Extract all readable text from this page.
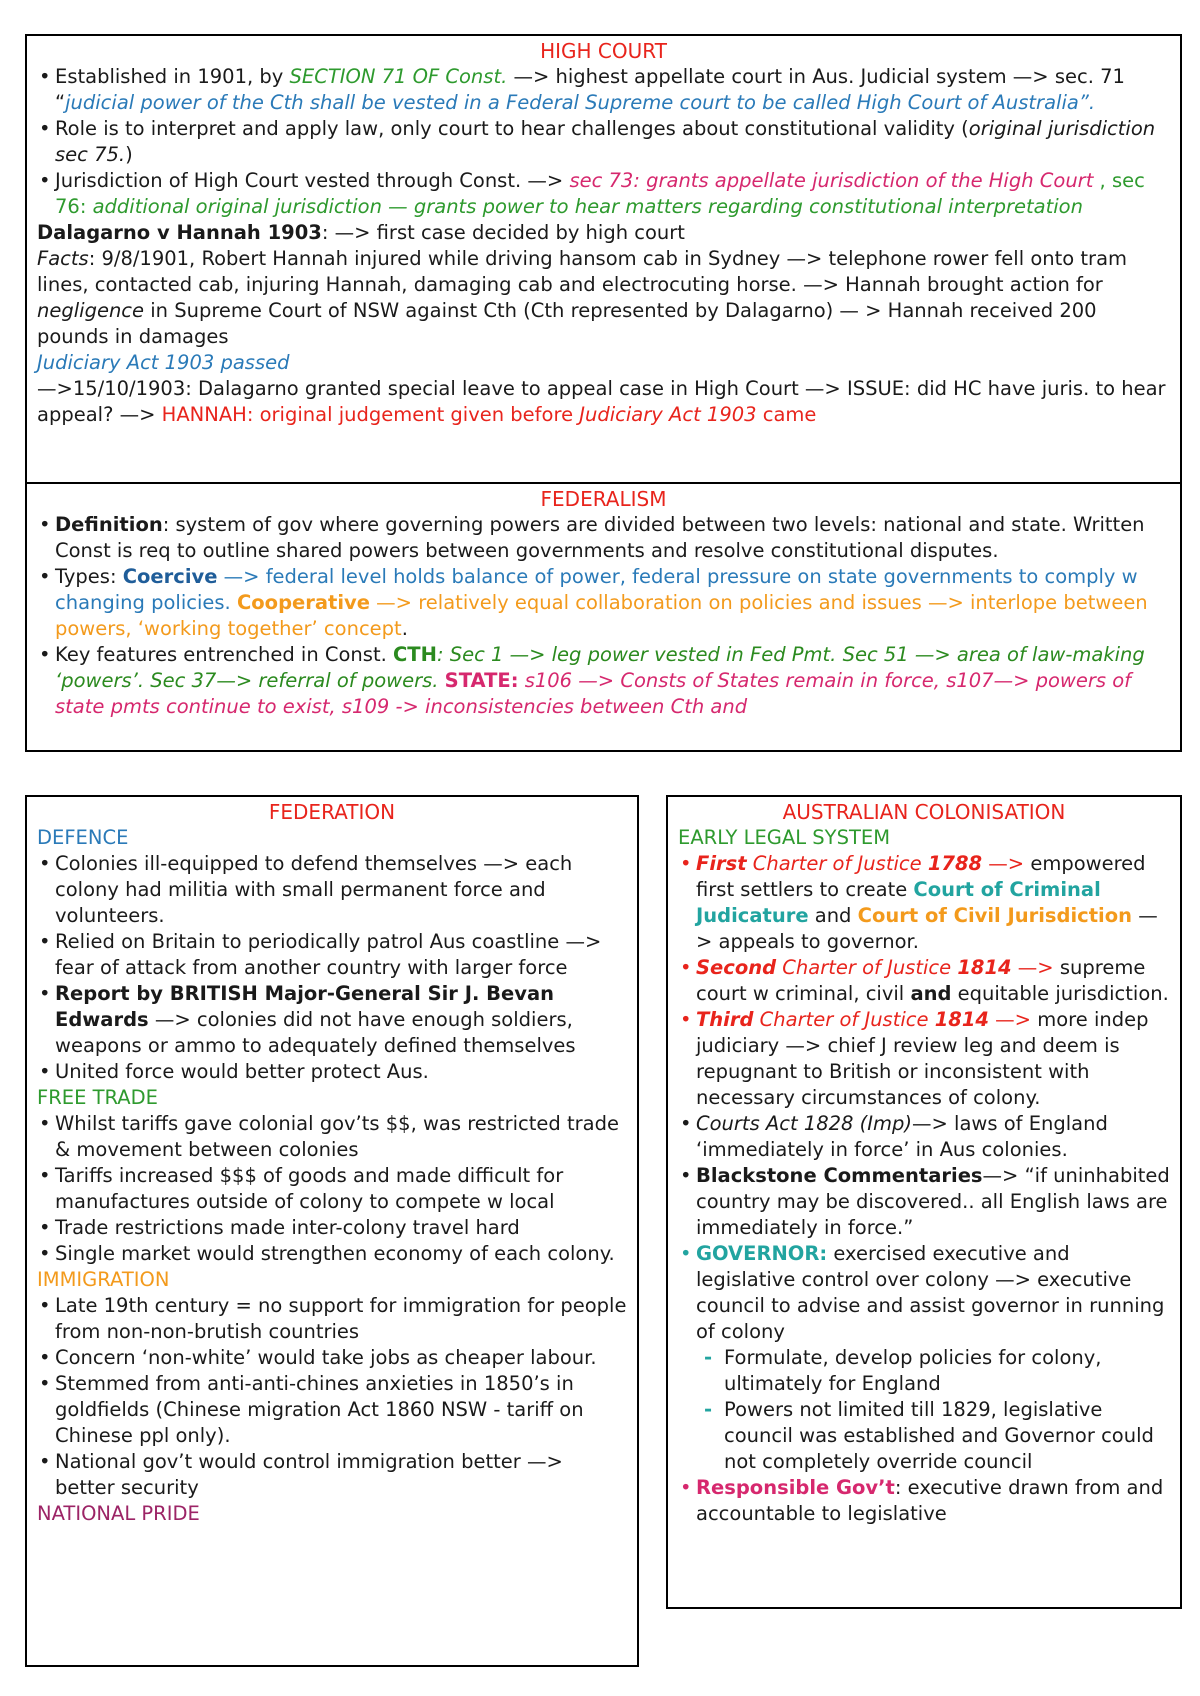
HIGH COURT
• Established in 1901, by SECTION 71 OF Const. —> highest appellate court in Aus. Judicial system —> sec. 71 “judicial power of the Cth shall be vested in a Federal Supreme court to be called High Court of Australia”.
• Role is to interpret and apply law, only court to hear challenges about constitutional validity (original jurisdiction sec 75.)
• Jurisdiction of High Court vested through Const. —> sec 73: grants appellate jurisdiction of the High Court , sec 76: additional original jurisdiction — grants power to hear matters regarding constitutional interpretation

Dalagarno v Hannah 1903: —> first case decided by high court

Facts: 9/8/1901, Robert Hannah injured while driving hansom cab in Sydney —> telephone rower fell onto tram lines, contacted cab, injuring Hannah, damaging cab and electrocuting horse. —> Hannah brought action for negligence in Supreme Court of NSW against Cth (Cth represented by Dalagarno) — > Hannah received 200 pounds in damages

Judiciary Act 1903 passed

—>15/10/1903: Dalagarno granted special leave to appeal case in High Court —> ISSUE: did HC have juris. to hear appeal? —> HANNAH: original judgement given before Judiciary Act 1903 came

FEDERALISM
• Definition: system of gov where governing powers are divided between two levels: national and state. Written Const is req to outline shared powers between governments and resolve constitutional disputes.
• Types: Coercive —> federal level holds balance of power, federal pressure on state governments to comply w changing policies. Cooperative —> relatively equal collaboration on policies and issues —> interlope between powers, ‘working together’ concept.
• Key features entrenched in Const. CTH: Sec 1 —> leg power vested in Fed Pmt. Sec 51 —> area of law-making ‘powers’. Sec 37—> referral of powers. STATE: s106 —> Consts of States remain in force, s107—> powers of state pmts continue to exist, s109 -> inconsistencies between Cth and
FEDERATION
DEFENCE
• Colonies ill-equipped to defend themselves —> each colony had militia with small permanent force and volunteers.
• Relied on Britain to periodically patrol Aus coastline —> fear of attack from another country with larger force
• Report by BRITISH Major-General Sir J. Bevan Edwards —> colonies did not have enough soldiers, weapons or ammo to adequately defined themselves
• United force would better protect Aus.
FREE TRADE
• Whilst tariffs gave colonial gov’ts $$, was restricted trade & movement between colonies
• Tariffs increased $$$ of goods and made difficult for manufactures outside of colony to compete w local
• Trade restrictions made inter-colony travel hard
• Single market would strengthen economy of each colony.
IMMIGRATION
• Late 19th century = no support for immigration for people from non-non-brutish countries
• Concern ‘non-white’ would take jobs as cheaper labour.
• Stemmed from anti-anti-chines anxieties in 1850’s in goldfields (Chinese migration Act 1860 NSW - tariff on Chinese ppl only).
• National gov’t would control immigration better —> better security
NATIONAL PRIDE
AUSTRALIAN COLONISATION
EARLY LEGAL SYSTEM
• First Charter of Justice 1788 —> empowered first settlers to create Court of Criminal Judicature and Court of Civil Jurisdiction —> appeals to governor.
• Second Charter of Justice 1814 —> supreme court w criminal, civil and equitable jurisdiction.
• Third Charter of Justice 1814 —> more indep judiciary —> chief J review leg and deem is repugnant to British or inconsistent with necessary circumstances of colony.
• Courts Act 1828 (Imp)—> laws of England ‘immediately in force’ in Aus colonies.
• Blackstone Commentaries—> “if uninhabited country may be discovered.. all English laws are immediately in force.”
• GOVERNOR: exercised executive and legislative control over colony —> executive council to advise and assist governor in running of colony
- Formulate, develop policies for colony, ultimately for England
- Powers not limited till 1829, legislative council was established and Governor could not completely override council
• Responsible Gov’t: executive drawn from and accountable to legislative
